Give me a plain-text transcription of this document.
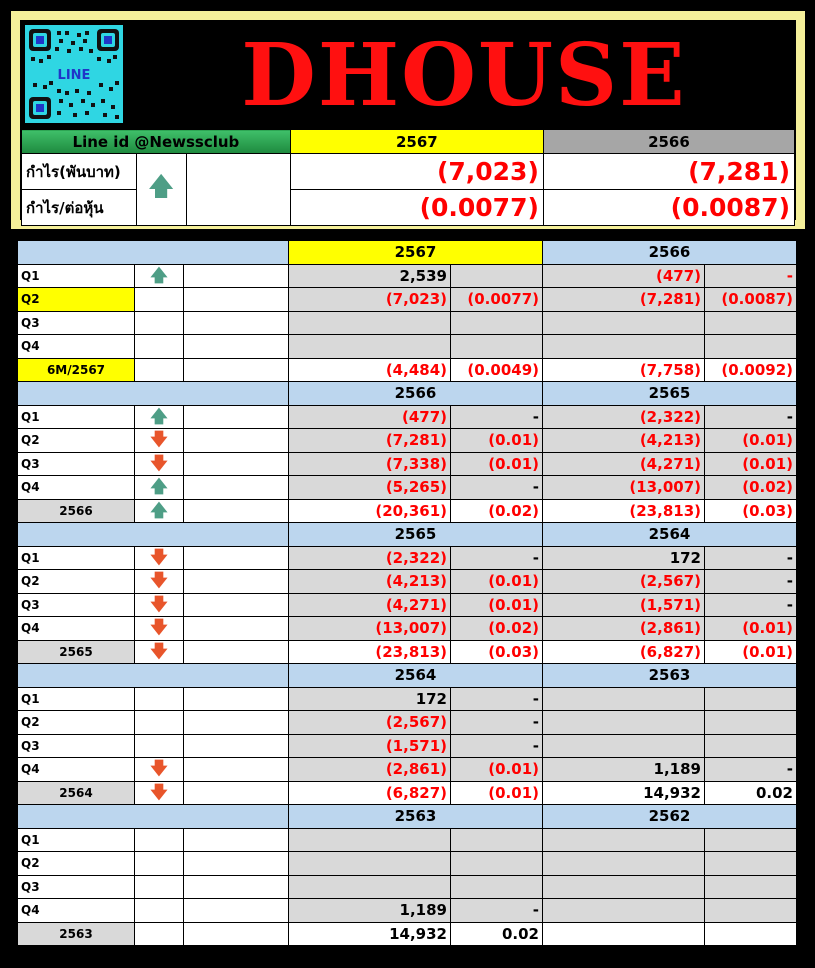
LINE	DHOUSE
Line id @Newssclub			2567	2566
กำไร(พันบาท)	🡅		(7,023)	(7,281)
กำไร/ต่อหุ้น			(0.0077)	(0.0087)
			2567		2566	
Q1	🡅		2,539		(477)	-
Q2			(7,023)	(0.0077)	(7,281)	(0.0087)
Q3						
Q4						
6M/2567			(4,484)	(0.0049)	(7,758)	(0.0092)
			2566		2565	
Q1	🡅		(477)	-	(2,322)	-
Q2	🡇		(7,281)	(0.01)	(4,213)	(0.01)
Q3	🡇		(7,338)	(0.01)	(4,271)	(0.01)
Q4	🡅		(5,265)	-	(13,007)	(0.02)
2566	🡅		(20,361)	(0.02)	(23,813)	(0.03)
			2565		2564	
Q1	🡇		(2,322)	-	172	-
Q2	🡇		(4,213)	(0.01)	(2,567)	-
Q3	🡇		(4,271)	(0.01)	(1,571)	-
Q4	🡇		(13,007)	(0.02)	(2,861)	(0.01)
2565	🡇		(23,813)	(0.03)	(6,827)	(0.01)
			2564		2563	
Q1			172	-		
Q2			(2,567)	-		
Q3			(1,571)	-		
Q4	🡇		(2,861)	(0.01)	1,189	-
2564	🡇		(6,827)	(0.01)	14,932	0.02
			2563		2562	
Q1						
Q2						
Q3						
Q4			1,189	-		
2563			14,932	0.02		
